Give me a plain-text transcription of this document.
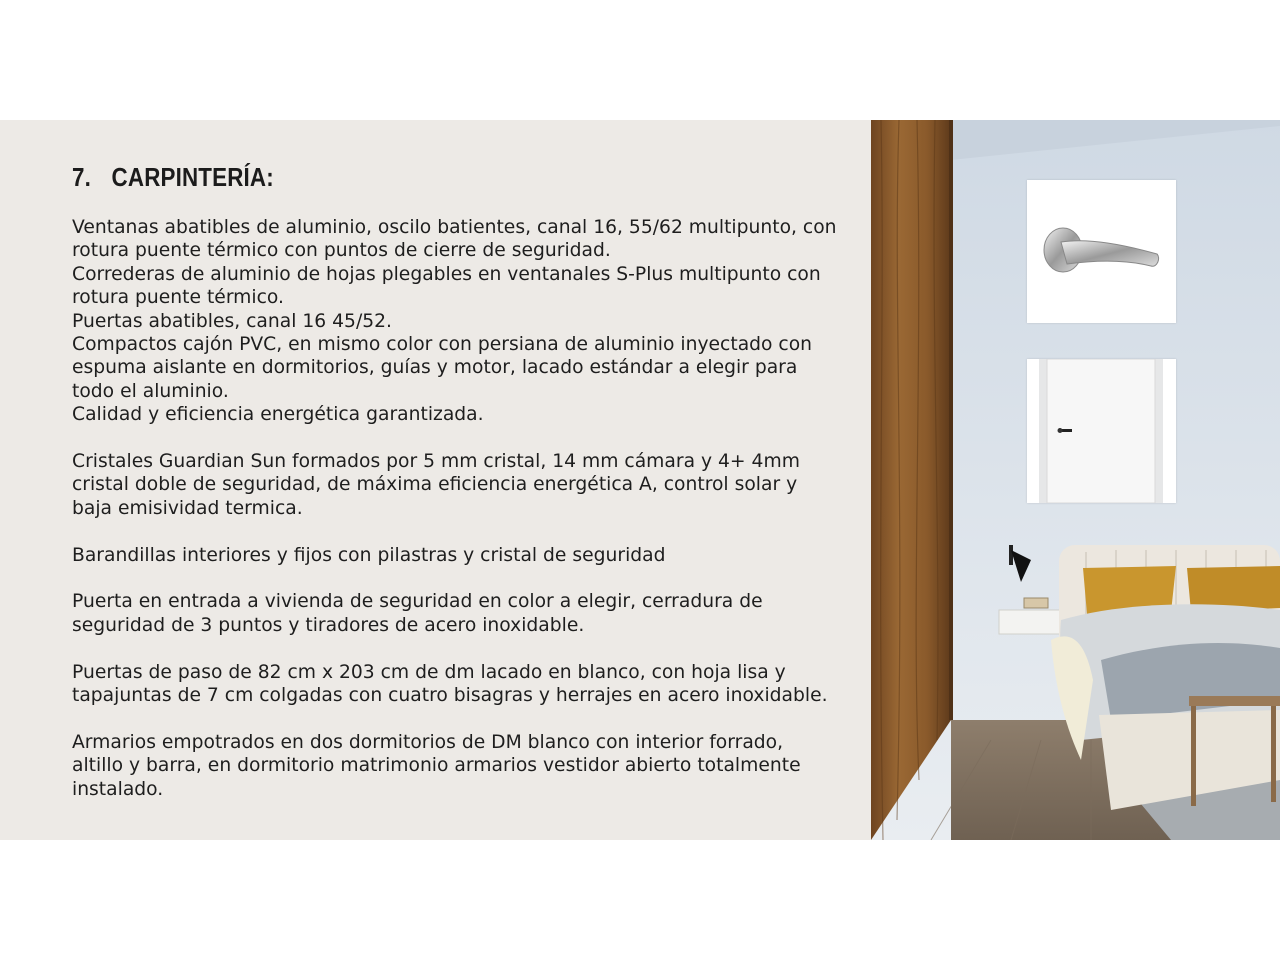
7. CARPINTERÍA:

Ventanas abatibles de aluminio, oscilo batientes, canal 16, 55/62 multipunto, con
rotura puente térmico con puntos de cierre de seguridad.
Correderas de aluminio de hojas plegables en ventanales S-Plus multipunto con
rotura puente térmico.
Puertas abatibles, canal 16 45/52.
Compactos cajón PVC, en mismo color con persiana de aluminio inyectado con
espuma aislante en dormitorios, guías y motor, lacado estándar a elegir para
todo el aluminio.
Calidad y eficiencia energética garantizada.

Cristales Guardian Sun formados por 5 mm cristal, 14 mm cámara y 4+ 4mm
cristal doble de seguridad, de máxima eficiencia energética A, control solar y
baja emisividad termica.

Barandillas interiores y fijos con pilastras y cristal de seguridad

Puerta en entrada a vivienda de seguridad en color a elegir, cerradura de
seguridad de 3 puntos y tiradores de acero inoxidable.

Puertas de paso de 82 cm x 203 cm de dm lacado en blanco, con hoja lisa y
tapajuntas de 7 cm colgadas con cuatro bisagras y herrajes en acero inoxidable.

Armarios empotrados en dos dormitorios de DM blanco con interior forrado,
altillo y barra, en dormitorio matrimonio armarios vestidor abierto totalmente
instalado.
